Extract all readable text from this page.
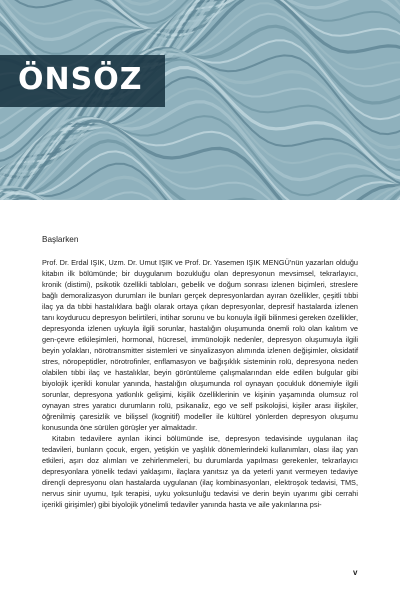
ÖNSÖZ

Başlarken

Prof. Dr. Erdal IŞIK, Uzm. Dr. Umut IŞIK ve Prof. Dr. Yasemen IŞIK MENGÜ'nün yazarları olduğu kitabın ilk bölümünde; bir duygulanım bozukluğu olan depresyonun mevsimsel, tekrarlayıcı, kronik (distimi), psikotik özellikli tabloları, gebelik ve doğum sonrası izlenen biçimleri, streslere bağlı demoralizasyon durumları ile bunları gerçek depresyonlardan ayıran özellikler, çeşitli tıbbi ilaç ya da tıbbi hastalıklara bağlı olarak ortaya çıkan depresyonlar, depresif hastalarda izlenen tanı koydurucu depresyon belirtileri, intihar sorunu ve bu konuyla ilgili bilinmesi gereken özellikler, depresyonda izlenen uykuyla ilgili sorunlar, hastalığın oluşumunda önemli rolü olan kalıtım ve gen-çevre etkileşimleri, hormonal, hücresel, immünolojik nedenler, depresyon oluşumuyla ilgili beyin yolakları, nörotransmitter sistemleri ve sinyalizasyon alımında izlenen değişimler, oksidatif stres, nöropeptidler, nörotrofinler, enflamasyon ve bağışıklık sisteminin rolü, depresyona neden olabilen tıbbi ilaç ve hastalıklar, beyin görüntüleme çalışmalarından elde edilen bulgular gibi biyolojik içerikli konular yanında, hastalığın oluşumunda rol oynayan çocukluk dönemiyle ilgili sorunlar, depresyona yatkınlık gelişimi, kişilik özelliklerinin ve kişinin yaşamında olumsuz rol oynayan stres yaratıcı durumların rolü, psikanaliz, ego ve self psikolojisi, kişiler arası ilişkiler, öğrenilmiş çaresizlik ve bilişsel (kognitif) modeller ile kültürel yönlerden depresyon oluşumu konusunda öne sürülen görüşler yer almaktadır.

Kitabın tedavilere ayrılan ikinci bölümünde ise, depresyon tedavisinde uygulanan ilaç tedavileri, bunların çocuk, ergen, yetişkin ve yaşlılık dönemlerindeki kullanımları, olası ilaç yan etkileri, aşırı doz alımları ve zehirlenmeleri, bu durumlarda yapılması gerekenler, tekrarlayıcı depresyonlara yönelik tedavi yaklaşımı, ilaçlara yanıtsız ya da yeterli yanıt vermeyen tedaviye dirençli depresyonu olan hastalarda uygulanan (ilaç kombinasyonları, elektroşok tedavisi, TMS, nervus sinir uyumu, Işık terapisi, uyku yoksunluğu tedavisi ve derin beyin uyarımı gibi cerrahi içerikli girişimler) gibi biyolojik yönelimli tedaviler yanında hasta ve aile yakınlarına psi-

v
